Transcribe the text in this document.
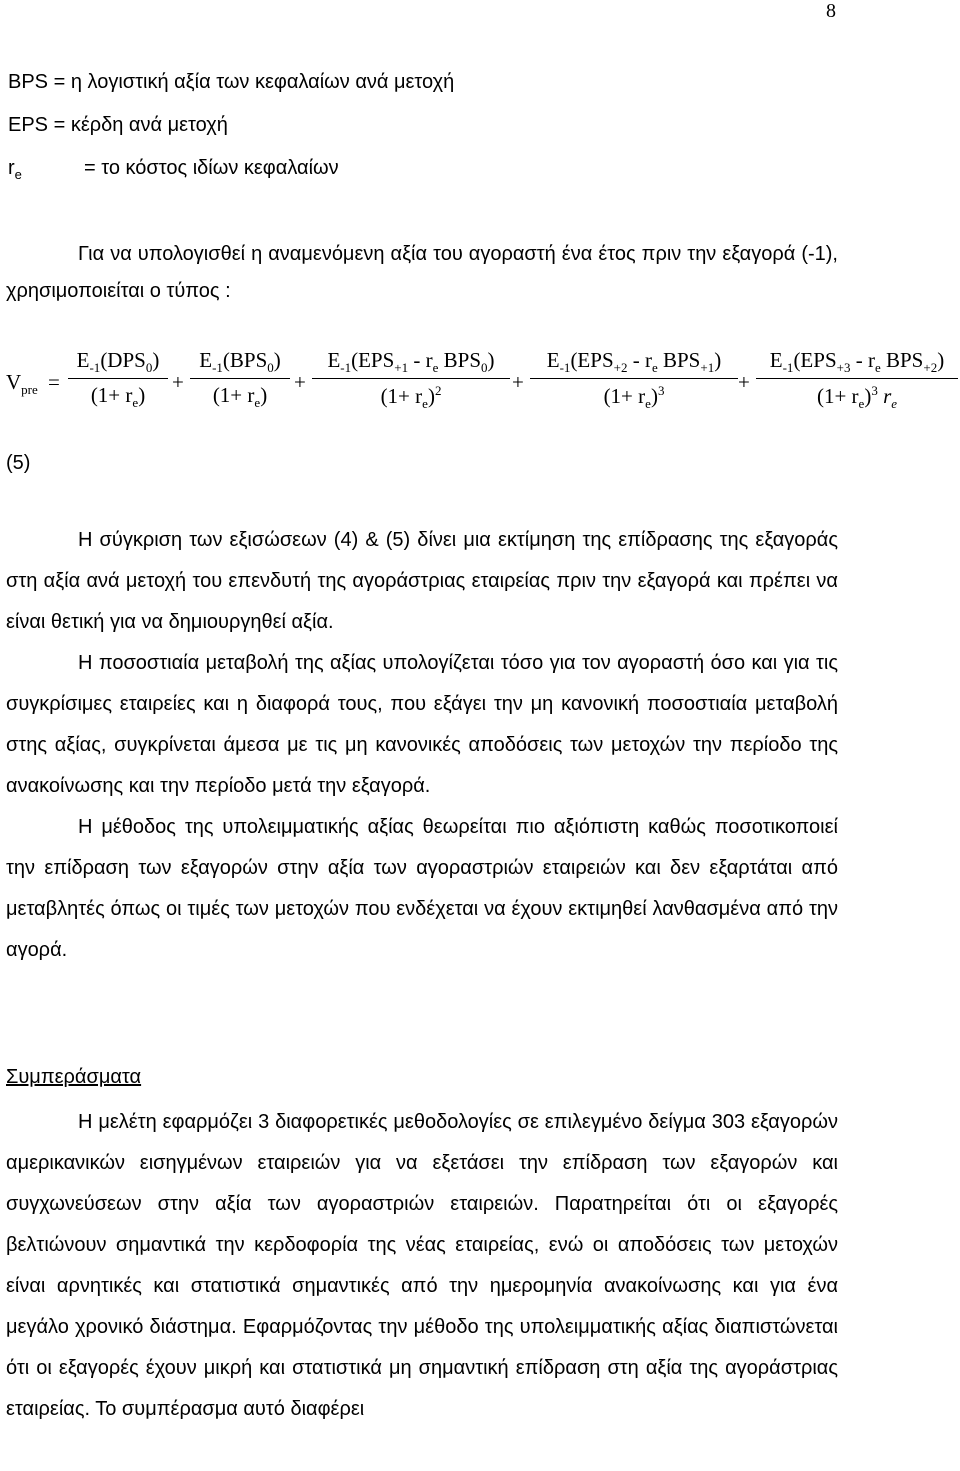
8
BPS = η λογιστική αξία των κεφαλαίων ανά μετοχή
EPS = κέρδη ανά μετοχή
$r_e$	= το κόστος ιδίων κεφαλαίων

Για να υπολογισθεί η αναμενόμενη αξία του αγοραστή ένα έτος πριν την εξαγορά (-1), χρησιμοποιείται ο τύπος :

$V_{pre}$ =
$E_{-1}(DPS_0)$
$(1+ r_e)$
+
$E_{-1}(BPS_0)$
$(1+ r_e)$
+
$E_{-1}(EPS_{+1} - r_e$ $BPS_0$)
$(1+ r_e)^2$	+
$E_{-1}(EPS_{+2} - r_e$ $BPS_{+1}$)
$(1+ r_e)^3$	+
$E_{-1}(EPS_{+3} - r_e$ $BPS_{+2}$)
$(1+ r_e)^3$ $r_e$
(5)

Η σύγκριση των εξισώσεων (4) & (5) δίνει μια εκτίμηση της επίδρασης της εξαγοράς στη αξία ανά μετοχή του επενδυτή της αγοράστριας εταιρείας πριν την εξαγορά και πρέπει να είναι θετική για να δημιουργηθεί αξία.

Η ποσοστιαία μεταβολή της αξίας υπολογίζεται τόσο για τον αγοραστή όσο και για τις συγκρίσιμες εταιρείες και η διαφορά τους, που εξάγει την μη κανονική ποσοστιαία μεταβολή στης αξίας, συγκρίνεται άμεσα με τις μη κανονικές αποδόσεις των μετοχών την περίοδο της ανακοίνωσης και την περίοδο μετά την εξαγορά.

Η μέθοδος της υπολειμματικής αξίας θεωρείται πιο αξιόπιστη καθώς ποσοτικοποιεί την επίδραση των εξαγορών στην αξία των αγοραστριών εταιρειών και δεν εξαρτάται από μεταβλητές όπως οι τιμές των μετοχών που ενδέχεται να έχουν εκτιμηθεί λανθασμένα από την αγορά.

Συμπεράσματα

Η μελέτη εφαρμόζει 3 διαφορετικές μεθοδολογίες σε επιλεγμένο δείγμα 303 εξαγορών αμερικανικών εισηγμένων εταιρειών για να εξετάσει την επίδραση των εξαγορών και συγχωνεύσεων στην αξία των αγοραστριών εταιρειών. Παρατηρείται ότι οι εξαγορές βελτιώνουν σημαντικά την κερδοφορία της νέας εταιρείας, ενώ οι αποδόσεις των μετοχών είναι αρνητικές και στατιστικά σημαντικές από την ημερομηνία ανακοίνωσης και για ένα μεγάλο χρονικό διάστημα. Εφαρμόζοντας την μέθοδο της υπολειμματικής αξίας διαπιστώνεται ότι οι εξαγορές έχουν μικρή και στατιστικά μη σημαντική επίδραση στη αξία της αγοράστριας εταιρείας. Το συμπέρασμα αυτό διαφέρει
